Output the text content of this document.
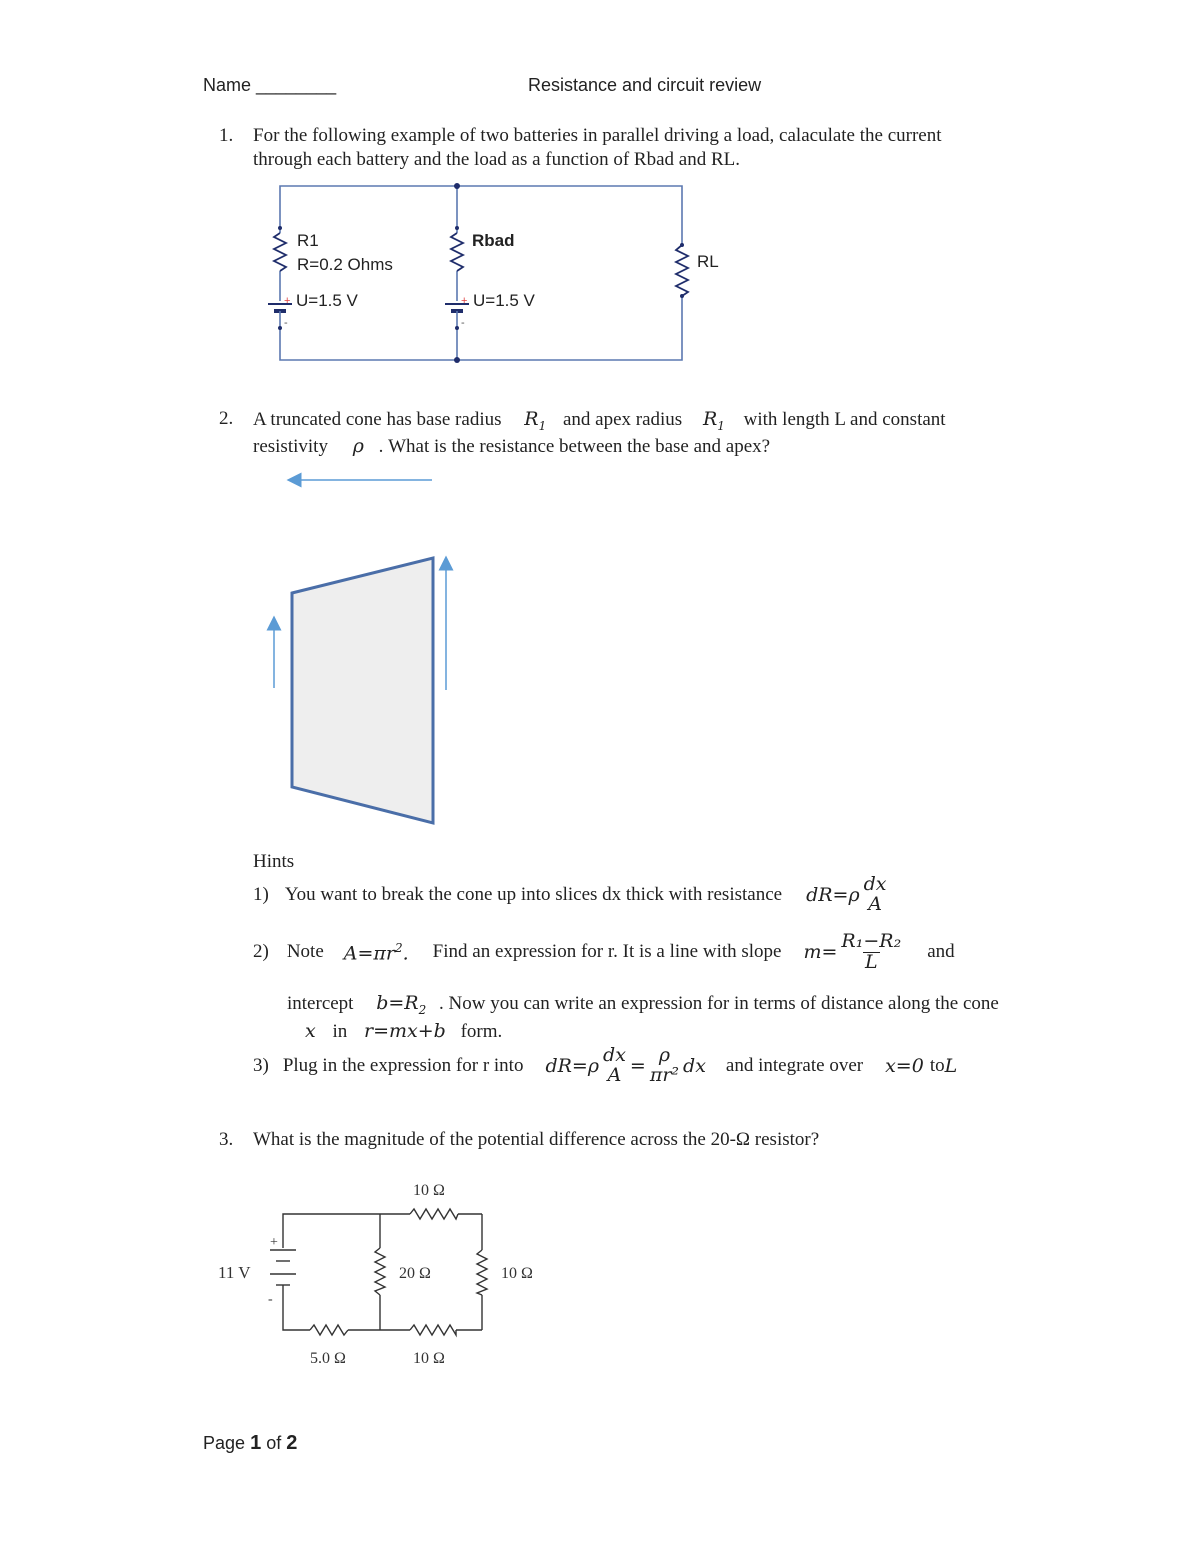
Name ________	Resistance and circuit review
1. For the following example of two batteries in parallel driving a load, calaculate the current
through each battery and the load as a function of Rbad and RL.
R1
R=0.2 Ohms
U=1.5 V
Rbad
U=1.5 V
RL
+
-
+
-
2. A truncated cone has base radius $R_1$ and apex radius $R_1$ with length L and constant
resistivity ρ . What is the resistance between the base and apex?
Hints
1) You want to break the cone up into slices dx thick with resistance dR=ρ dx
A
2) Note $A=\pi r^2$. Find an expression for r. It is a line with slope $m= \frac{\text{R₁−R₂}}{L}$ and
intercept $b=R_2$ . Now you can write an expression for in terms of distance along the cone
x in r=mx+b form.
3) Plug in the expression for r into dR=ρ dx
A = ρ
πr² dx and integrate over x=0 to L
3. What is the magnitude of the potential difference across the 20-Ω resistor?
+
-
11 V
10 Ω
20 Ω	10 Ω
5.0 Ω	10 Ω
Page 1 of 2
